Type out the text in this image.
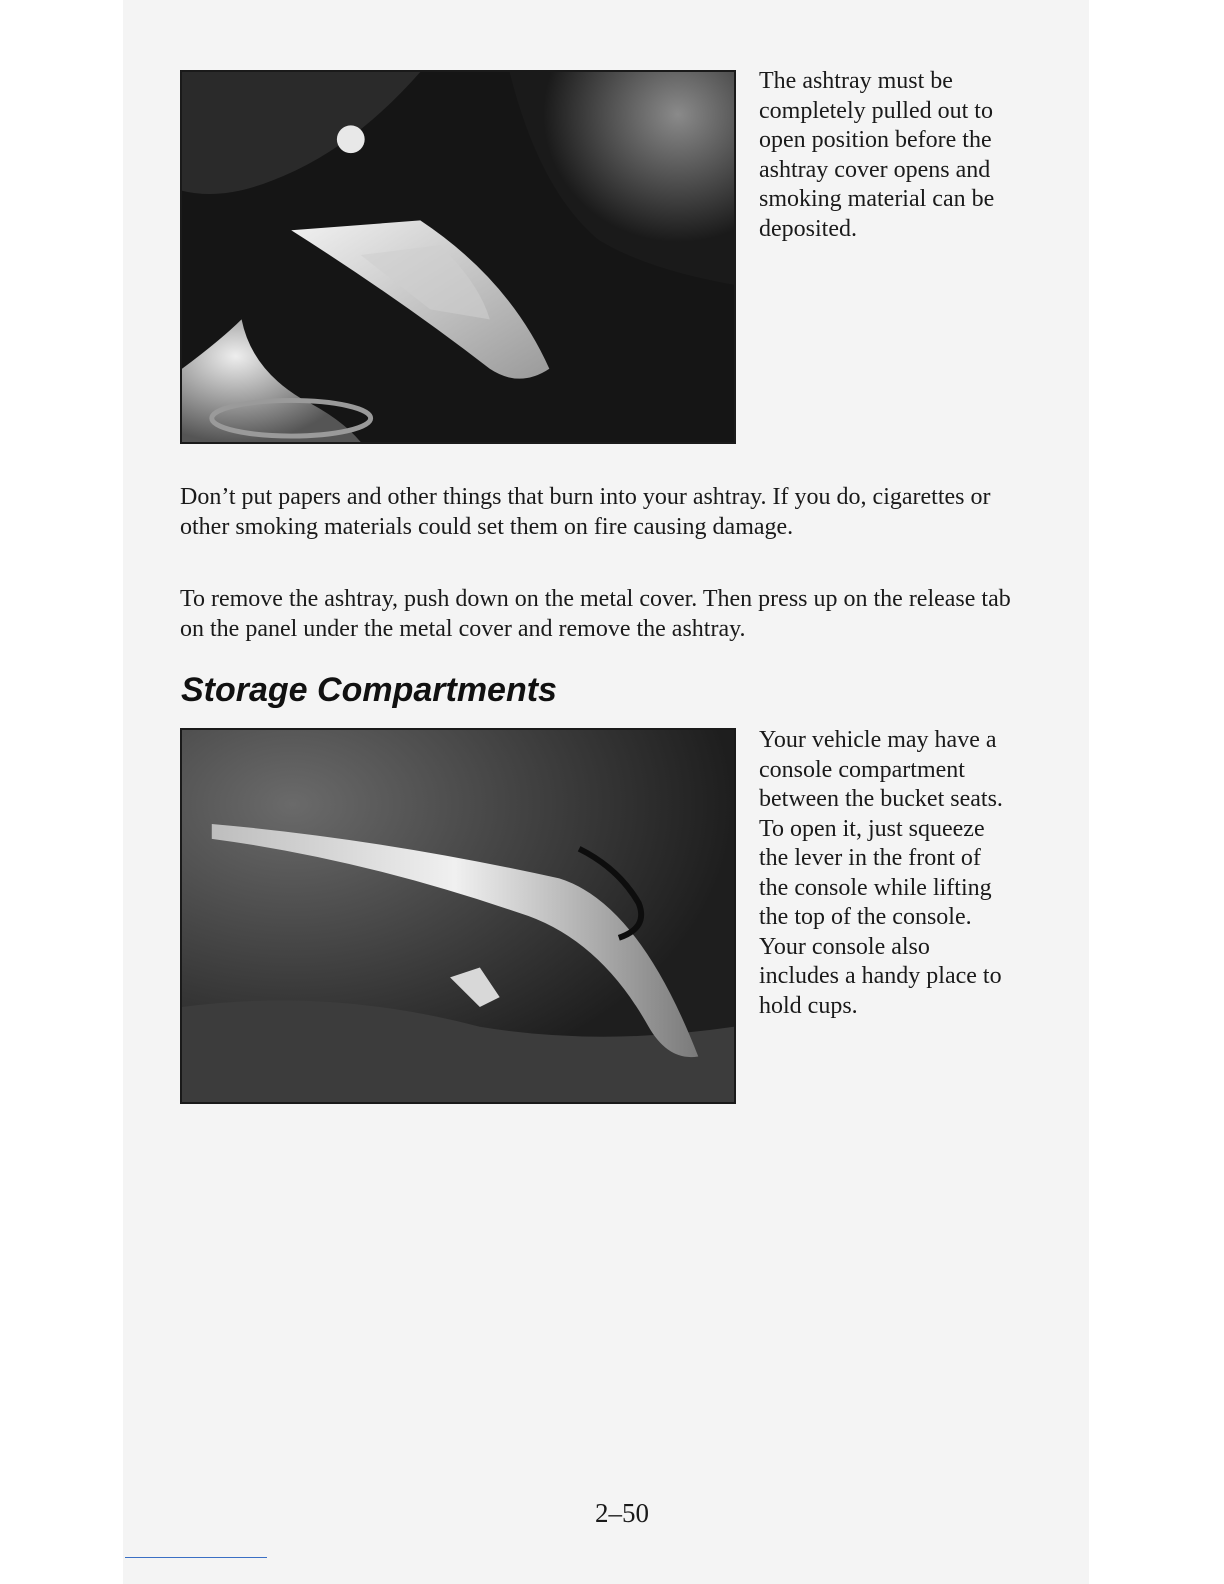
The ashtray must be completely pulled out to open position before the ashtray cover opens and smoking material can be deposited.

Don’t put papers and other things that burn into your ashtray. If you do, cigarettes or other smoking materials could set them on fire causing damage.

To remove the ashtray, push down on the metal cover. Then press up on the release tab on the panel under the metal cover and remove the ashtray.

Storage Compartments
Your vehicle may have a console compartment between the bucket seats. To open it, just squeeze the lever in the front of the console while lifting the top of the console. Your console also includes a handy place to hold cups.
2–50
